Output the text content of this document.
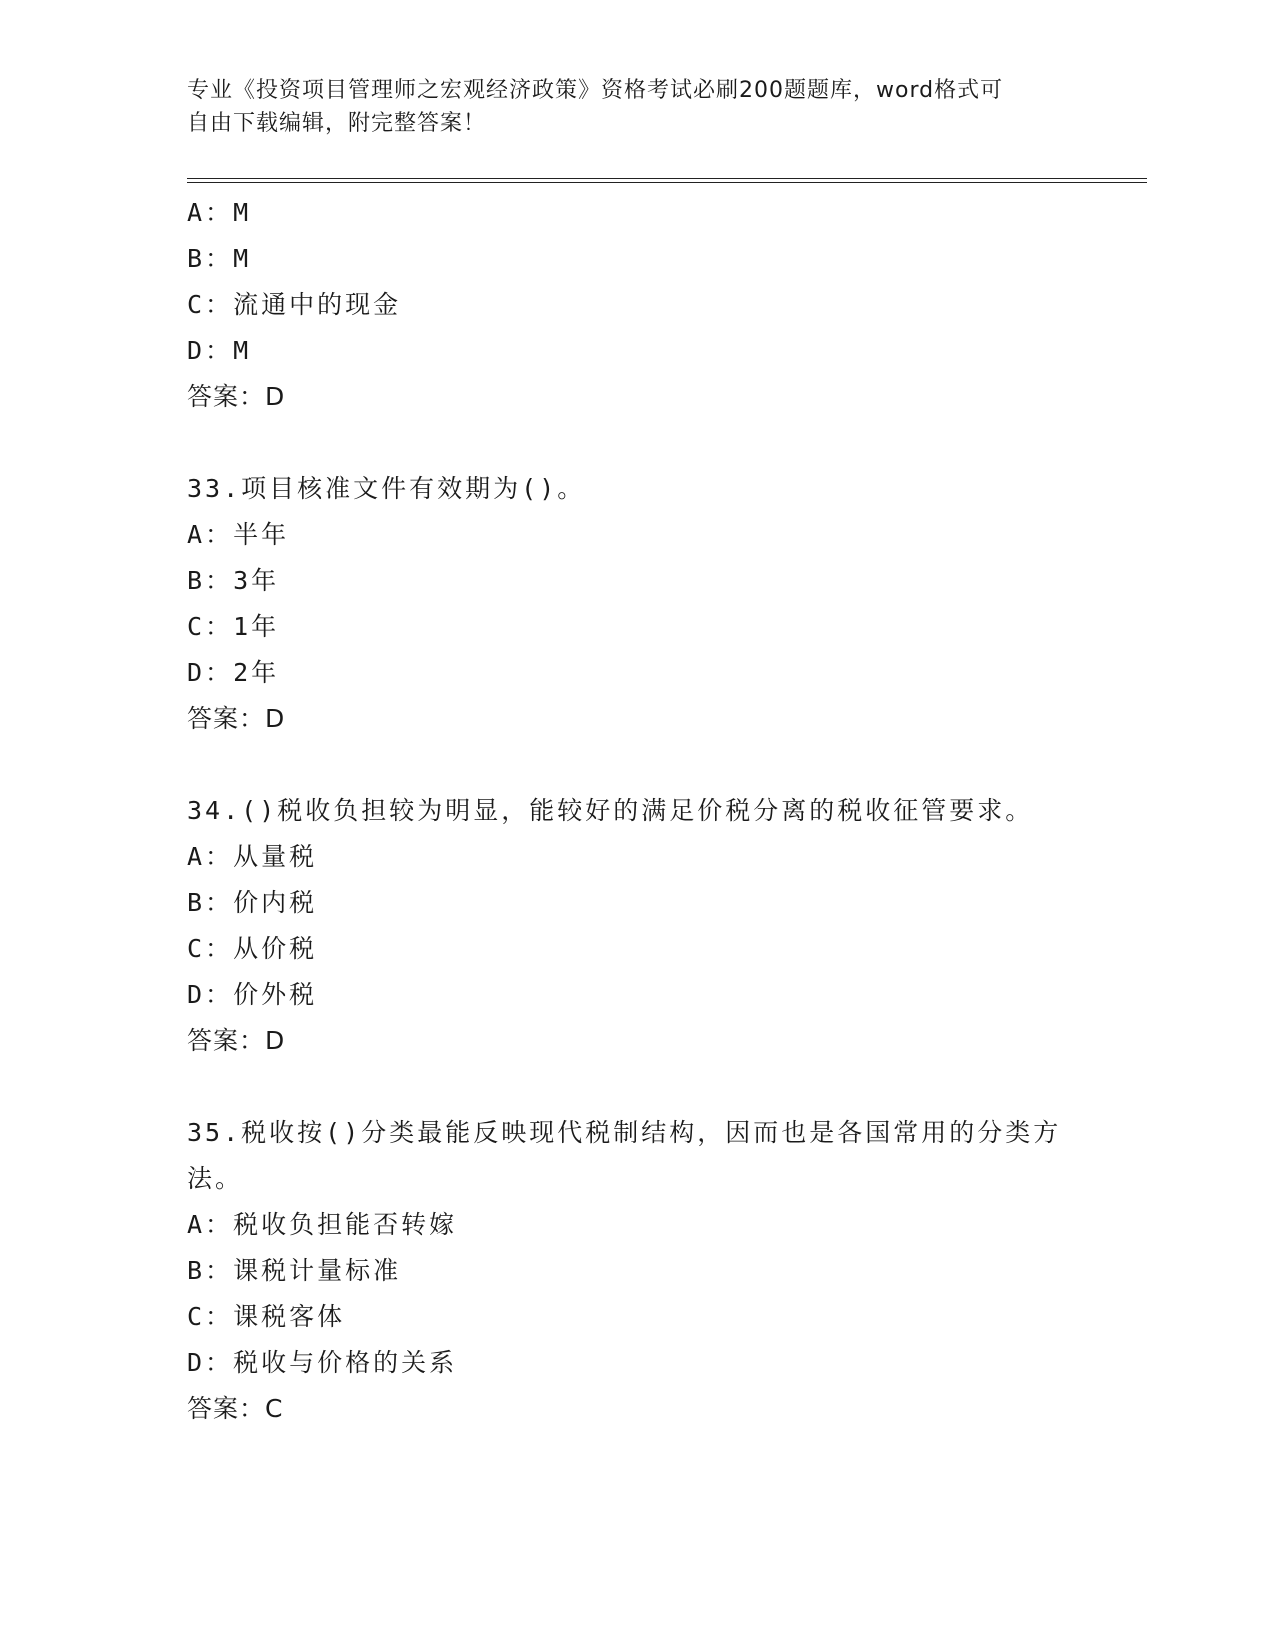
专业《投资项目管理师之宏观经济政策》资格考试必刷200题题库，word格式可
自由下载编辑，附完整答案！
A：M
B：M
C：流通中的现金
D：M
答案：D
33.项目核准文件有效期为()。
A：半年
B：3年
C：1年
D：2年
答案：D
34.()税收负担较为明显，能较好的满足价税分离的税收征管要求。
A：从量税
B：价内税
C：从价税
D：价外税
答案：D
35.税收按()分类最能反映现代税制结构，因而也是各国常用的分类方
法。
A：税收负担能否转嫁
B：课税计量标准
C：课税客体
D：税收与价格的关系
答案：C
